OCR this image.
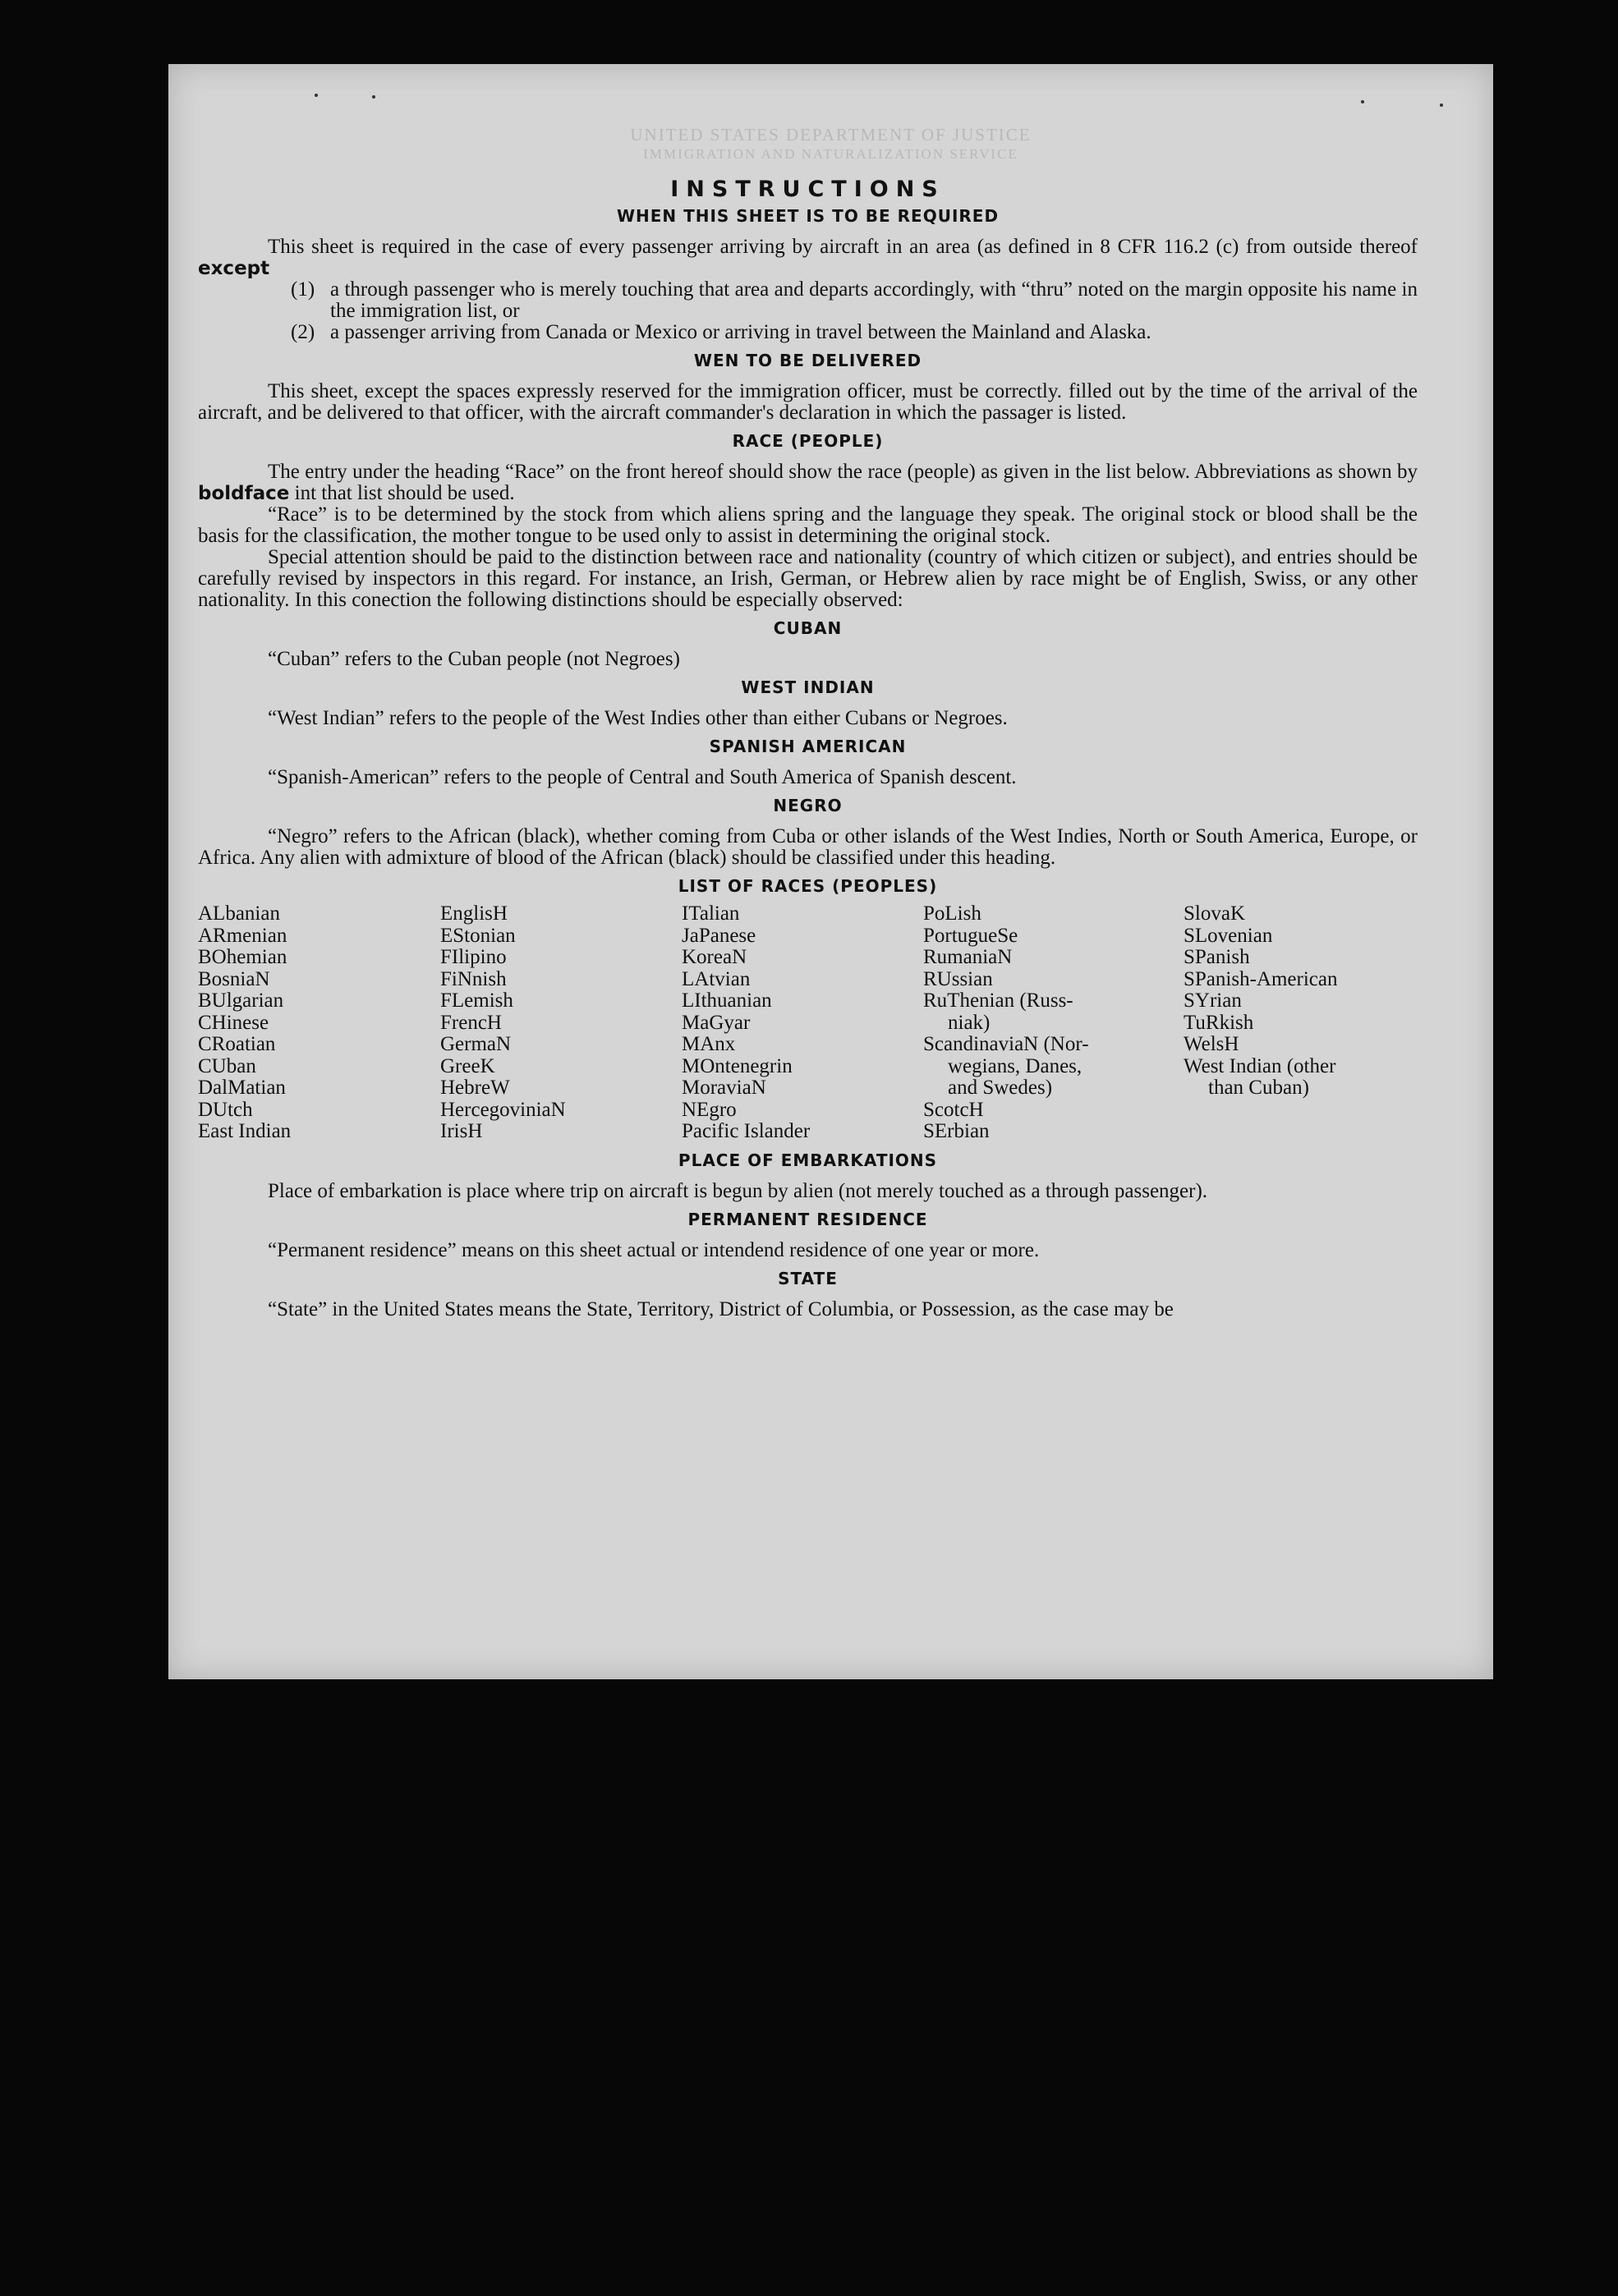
UNITED STATES DEPARTMENT OF JUSTICE
IMMIGRATION AND NATURALIZATION SERVICE
INSTRUCTIONS
WHEN THIS SHEET IS TO BE REQUIRED

This sheet is required in the case of every passenger arriving by aircraft in an area (as defined in 8 CFR 116.2 (c) from outside thereof except

(1) a through passenger who is merely touching that area and departs accordingly, with “thru” noted on the margin opposite his name in the immigration list, or
(2) a passenger arriving from Canada or Mexico or arriving in travel between the Mainland and Alaska.
WEN TO BE DELIVERED

This sheet, except the spaces expressly reserved for the immigration officer, must be correctly. filled out by the time of the arrival of the aircraft, and be delivered to that officer, with the aircraft commander's declaration in which the passager is listed.

RACE (PEOPLE)

The entry under the heading “Race” on the front hereof should show the race (people) as given in the list below. Abbreviations as shown by boldface int that list should be used.

“Race” is to be determined by the stock from which aliens spring and the language they speak. The original stock or blood shall be the basis for the classification, the mother tongue to be used only to assist in determining the original stock.

Special attention should be paid to the distinction between race and nationality (country of which citizen or subject), and entries should be carefully revised by inspectors in this regard. For instance, an Irish, German, or Hebrew alien by race might be of English, Swiss, or any other nationality. In this conection the following distinctions should be especially observed:

CUBAN

“Cuban” refers to the Cuban people (not Negroes)

WEST INDIAN

“West Indian” refers to the people of the West Indies other than either Cubans or Negroes.

SPANISH AMERICAN

“Spanish-American” refers to the people of Central and South America of Spanish descent.

NEGRO

“Negro” refers to the African (black), whether coming from Cuba or other islands of the West Indies, North or South America, Europe, or Africa. Any alien with admixture of blood of the African (black) should be classified under this heading.

LIST OF RACES (PEOPLES)
ALbanian
ARmenian
BOhemian
BosniaN
BUlgarian
CHinese
CRoatian
CUban
DalMatian
DUtch
East Indian
EnglisH
EStonian
FIlipino
FiNnish
FLemish
FrencH
GermaN
GreeK
HebreW
HercegoviniaN
IrisH
ITalian
JaPanese
KoreaN
LAtvian
LIthuanian
MaGyar
MAnx
MOntenegrin
MoraviaN
NEgro
Pacific Islander
PoLish
PortugueSe
RumaniaN
RUssian
RuThenian (Russ-
niak)
ScandinaviaN (Nor-
wegians, Danes,
and Swedes)
ScotcH
SErbian
SlovaK
SLovenian
SPanish
SPanish-American
SYrian
TuRkish
WelsH
West Indian (other
than Cuban)
PLACE OF EMBARKATIONS

Place of embarkation is place where trip on aircraft is begun by alien (not merely touched as a through passenger).

PERMANENT RESIDENCE

“Permanent residence” means on this sheet actual or intendend residence of one year or more.

STATE

“State” in the United States means the State, Territory, District of Columbia, or Possession, as the case may be
